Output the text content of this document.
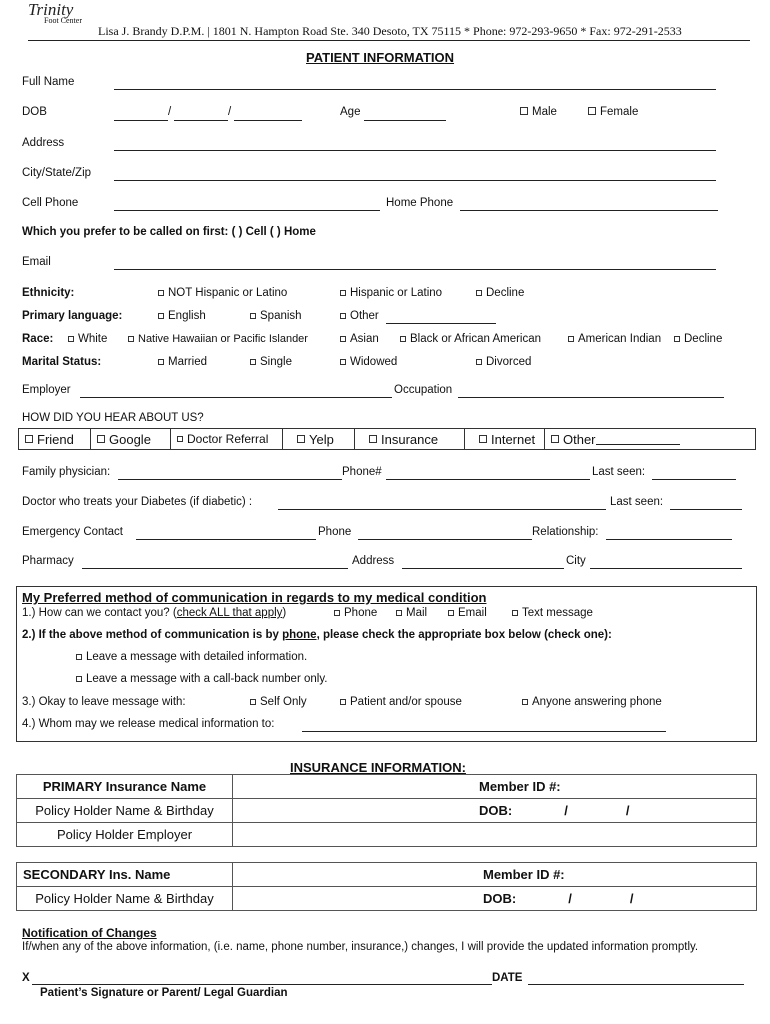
Trinity
Foot Center
Lisa J. Brandy D.P.M. | 1801 N. Hampton Road Ste. 340 Desoto, TX 75115 * Phone: 972-293-9650 * Fax: 972-291-2533
PATIENT INFORMATION
Full Name
DOB	/	/	Age	Male	Female
Address
City/State/Zip
Cell Phone	Home Phone
Which you prefer to be called on first: ( ) Cell ( ) Home
Email
Ethnicity:	NOT Hispanic or Latino	Hispanic or Latino	Decline
Primary language:	English	Spanish	Other
Race:	White	Native Hawaiian or Pacific Islander	Asian	Black or African American	American Indian	Decline
Marital Status:	Married	Single	Widowed	Divorced
Employer	Occupation
HOW DID YOU HEAR ABOUT US?
Friend	Google	Doctor Referral	Yelp	Insurance	Internet Other
Family physician:	Phone#	Last seen:
Doctor who treats your Diabetes (if diabetic) :	Last seen:
Emergency Contact	Phone	Relationship:
Pharmacy	Address	City
My Preferred method of communication in regards to my medical condition
1.) How can we contact you? (check ALL that apply)	Phone	Mail	Email	Text message
2.) If the above method of communication is by phone, please check the appropriate box below (check one):
Leave a message with detailed information.
Leave a message with a call-back number only.
3.) Okay to leave message with:	Self Only	Patient and/or spouse	Anyone answering phone
4.) Whom may we release medical information to:
INSURANCE INFORMATION:
PRIMARY Insurance Name	Member ID #:
Policy Holder Name & Birthday	DOB: / /
Policy Holder Employer	
SECONDARY Ins. Name	Member ID #:
Policy Holder Name & Birthday	DOB: / /
Notification of Changes
If/when any of the above information, (i.e. name, phone number, insurance,) changes, I will provide the updated information promptly.
X	DATE
Patient’s Signature or Parent/ Legal Guardian
